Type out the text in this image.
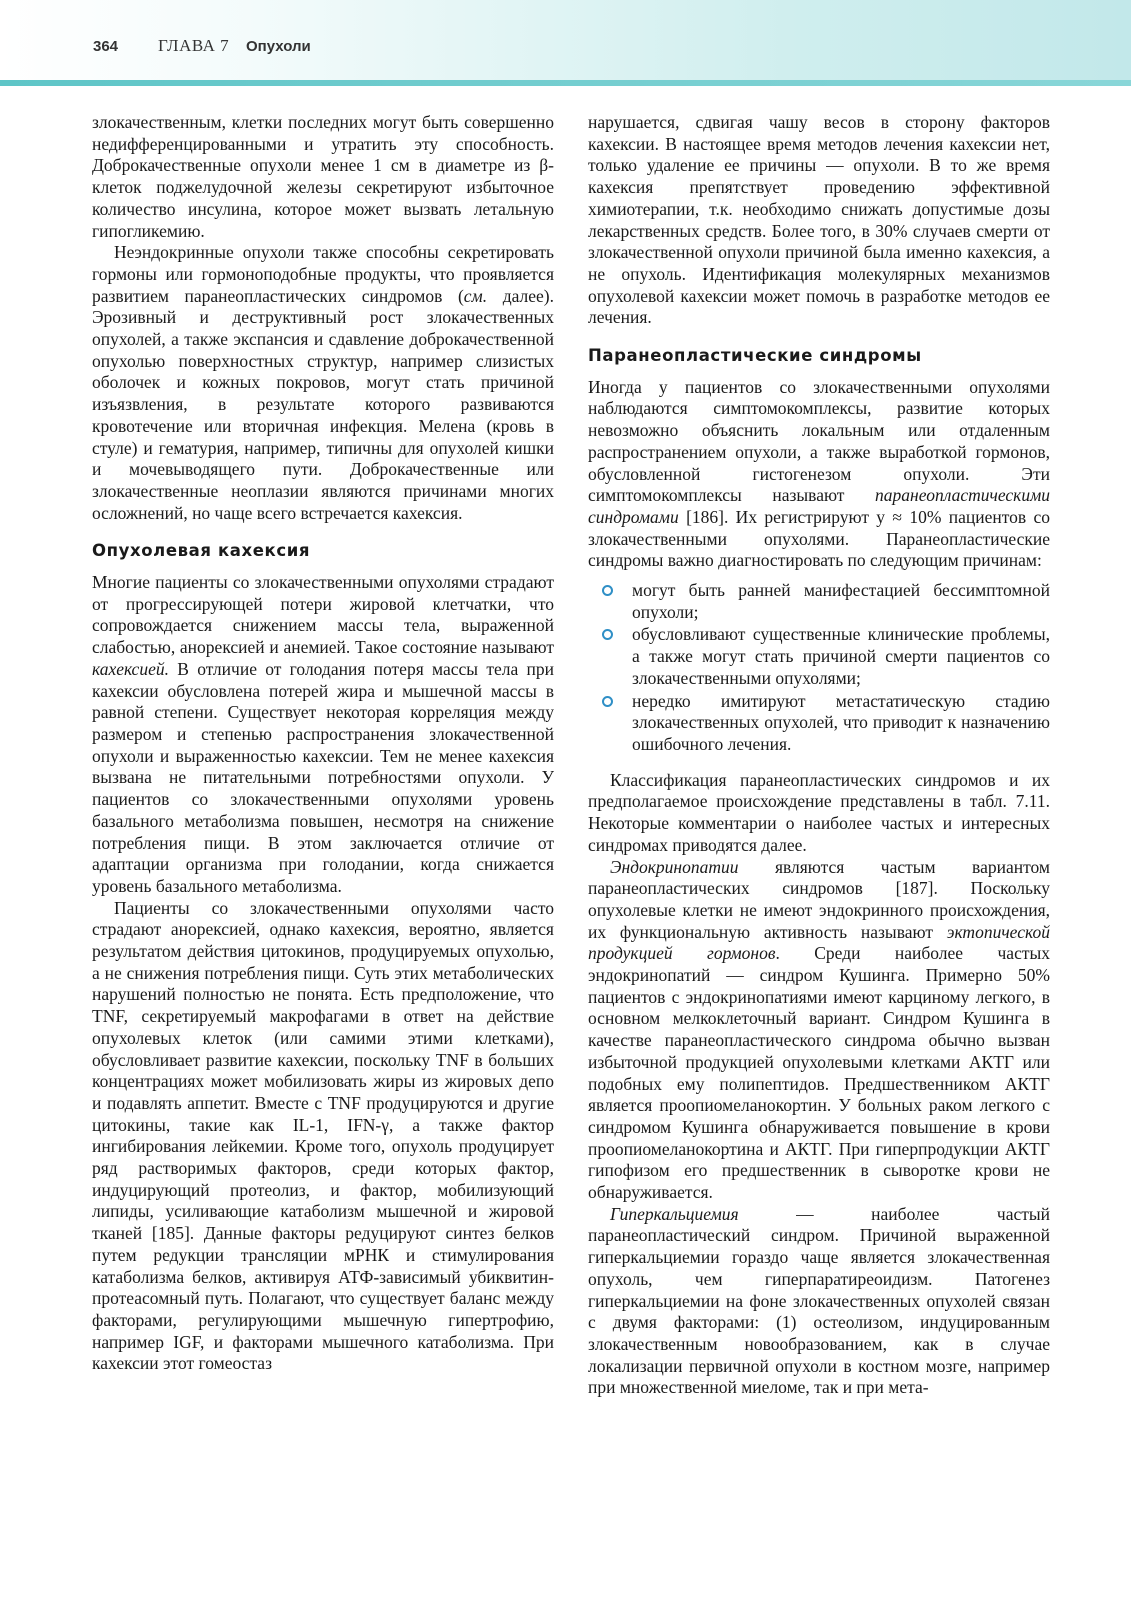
364 ГЛАВА 7 Опухоли

злокачественным, клетки последних могут быть совершенно недифференцированными и утратить эту способность. Доброкачественные опухоли менее 1 см в диаметре из β-клеток поджелудочной железы секретируют избыточное количество инсулина, которое может вызвать летальную гипогликемию.

Неэндокринные опухоли также способны секретировать гормоны или гормоноподобные продукты, что проявляется развитием паранеопластических синдромов (см. далее). Эрозивный и деструктивный рост злокачественных опухолей, а также экспансия и сдавление доброкачественной опухолью поверхностных структур, например слизистых оболочек и кожных покровов, могут стать причиной изъязвления, в результате которого развиваются кровотечение или вторичная инфекция. Мелена (кровь в стуле) и гематурия, например, типичны для опухолей кишки и мочевыводящего пути. Доброкачественные или злокачественные неоплазии являются причинами многих осложнений, но чаще всего встречается кахексия.

Опухолевая кахексия

Многие пациенты со злокачественными опухолями страдают от прогрессирующей потери жировой клетчатки, что сопровождается снижением массы тела, выраженной слабостью, анорексией и анемией. Такое состояние называют кахексией. В отличие от голодания потеря массы тела при кахексии обусловлена потерей жира и мышечной массы в равной степени. Существует некоторая корреляция между размером и степенью распространения злокачественной опухоли и выраженностью кахексии. Тем не менее кахексия вызвана не питательными потребностями опухоли. У пациентов со злокачественными опухолями уровень базального метаболизма повышен, несмотря на снижение потребления пищи. В этом заключается отличие от адаптации организма при голодании, когда снижается уровень базального метаболизма.

Пациенты со злокачественными опухолями часто страдают анорексией, однако кахексия, вероятно, является результатом действия цитокинов, продуцируемых опухолью, а не снижения потребления пищи. Суть этих метаболических нарушений полностью не понята. Есть предположение, что TNF, секретируемый макрофагами в ответ на действие опухолевых клеток (или самими этими клетками), обусловливает развитие кахексии, поскольку TNF в больших концентрациях может мобилизовать жиры из жировых депо и подавлять аппетит. Вместе с TNF продуцируются и другие цитокины, такие как IL-1, IFN-γ, а также фактор ингибирования лейкемии. Кроме того, опухоль продуцирует ряд растворимых факторов, среди которых фактор, индуцирующий протеолиз, и фактор, мобилизующий липиды, усиливающие катаболизм мышечной и жировой тканей [185]. Данные факторы редуцируют синтез белков путем редукции трансляции мРНК и стимулирования катаболизма белков, активируя АТФ-зависимый убиквитин-протеасомный путь. Полагают, что существует баланс между факторами, регулирующими мышечную гипертрофию, например IGF, и факторами мышечного катаболизма. При кахексии этот гомеостаз

нарушается, сдвигая чашу весов в сторону факторов кахексии. В настоящее время методов лечения кахексии нет, только удаление ее причины — опухоли. В то же время кахексия препятствует проведению эффективной химиотерапии, т.к. необходимо снижать допустимые дозы лекарственных средств. Более того, в 30% случаев смерти от злокачественной опухоли причиной была именно кахексия, а не опухоль. Идентификация молекулярных механизмов опухолевой кахексии может помочь в разработке методов ее лечения.

Паранеопластические синдромы

Иногда у пациентов со злокачественными опухолями наблюдаются симптомокомплексы, развитие которых невозможно объяснить локальным или отдаленным распространением опухоли, а также выработкой гормонов, обусловленной гистогенезом опухоли. Эти симптомокомплексы называют паранеопластическими синдромами [186]. Их регистрируют у ≈ 10% пациентов со злокачественными опухолями. Паранеопластические синдромы важно диагностировать по следующим причинам:

могут быть ранней манифестацией бессимптомной опухоли;
обусловливают существенные клинические проблемы, а также могут стать причиной смерти пациентов со злокачественными опухолями;
нередко имитируют метастатическую стадию злокачественных опухолей, что приводит к назначению ошибочного лечения.

Классификация паранеопластических синдромов и их предполагаемое происхождение представлены в табл. 7.11. Некоторые комментарии о наиболее частых и интересных синдромах приводятся далее.

Эндокринопатии являются частым вариантом паранеопластических синдромов [187]. Поскольку опухолевые клетки не имеют эндокринного происхождения, их функциональную активность называют эктопической продукцией гормонов. Среди наиболее частых эндокринопатий — синдром Кушинга. Примерно 50% пациентов с эндокринопатиями имеют карциному легкого, в основном мелкоклеточный вариант. Синдром Кушинга в качестве паранеопластического синдрома обычно вызван избыточной продукцией опухолевыми клетками АКТГ или подобных ему полипептидов. Предшественником АКТГ является проопиомеланокортин. У больных раком легкого с синдромом Кушинга обнаруживается повышение в крови проопиомеланокортина и АКТГ. При гиперпродукции АКТГ гипофизом его предшественник в сыворотке крови не обнаруживается.

Гиперкальциемия — наиболее частый паранеопластический синдром. Причиной выраженной гиперкальциемии гораздо чаще является злокачественная опухоль, чем гиперпаратиреоидизм. Патогенез гиперкальциемии на фоне злокачественных опухолей связан с двумя факторами: (1) остеолизом, индуцированным злокачественным новообразованием, как в случае локализации первичной опухоли в костном мозге, например при множественной миеломе, так и при мета-
